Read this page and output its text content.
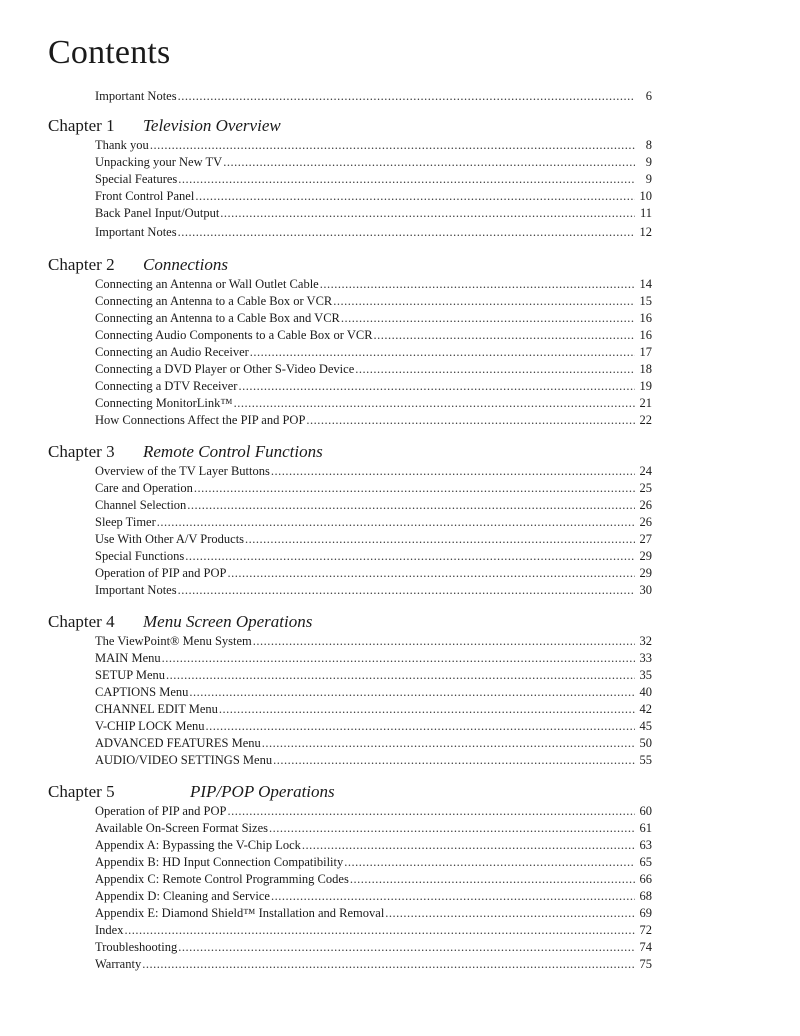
Contents
Important Notes .....	6
Chapter 1	Television Overview
Thank you .....	8
Unpacking your New TV .....	9
Special Features .....	9
Front Control Panel .....	10
Back Panel Input/Output .....	11
Important Notes .....	12
Chapter 2	Connections
Connecting an Antenna or Wall Outlet Cable .....	14
Connecting an Antenna to a Cable Box or VCR .....	15
Connecting an Antenna to a Cable Box and VCR .....	16
Connecting Audio Components to a Cable Box or VCR .....	16
Connecting an Audio Receiver .....	17
Connecting a DVD Player or Other S-Video Device .....	18
Connecting a DTV Receiver .....	19
Connecting MonitorLink™ .....	21
How Connections Affect the PIP and POP .....	22
Chapter 3	Remote Control Functions
Overview of the TV Layer Buttons .....	24
Care and Operation .....	25
Channel Selection .....	26
Sleep Timer .....	26
Use With Other A/V Products .....	27
Special Functions .....	29
Operation of PIP and POP .....	29
Important Notes .....	30
Chapter 4	Menu Screen Operations
The ViewPoint® Menu System .....	32
MAIN Menu .....	33
SETUP Menu .....	35
CAPTIONS Menu .....	40
CHANNEL EDIT Menu .....	42
V-CHIP LOCK Menu .....	45
ADVANCED FEATURES Menu .....	50
AUDIO/VIDEO SETTINGS Menu .....	55
Chapter 5	PIP/POP Operations
Operation of PIP and POP .....	60
Available On-Screen Format Sizes .....	61
Appendix A: Bypassing the V-Chip Lock .....	63
Appendix B: HD Input Connection Compatibility .....	65
Appendix C: Remote Control Programming Codes .....	66
Appendix D: Cleaning and Service .....	68
Appendix E: Diamond Shield™ Installation and Removal .....	69
Index .....	72
Troubleshooting .....	74
Warranty .....	75
